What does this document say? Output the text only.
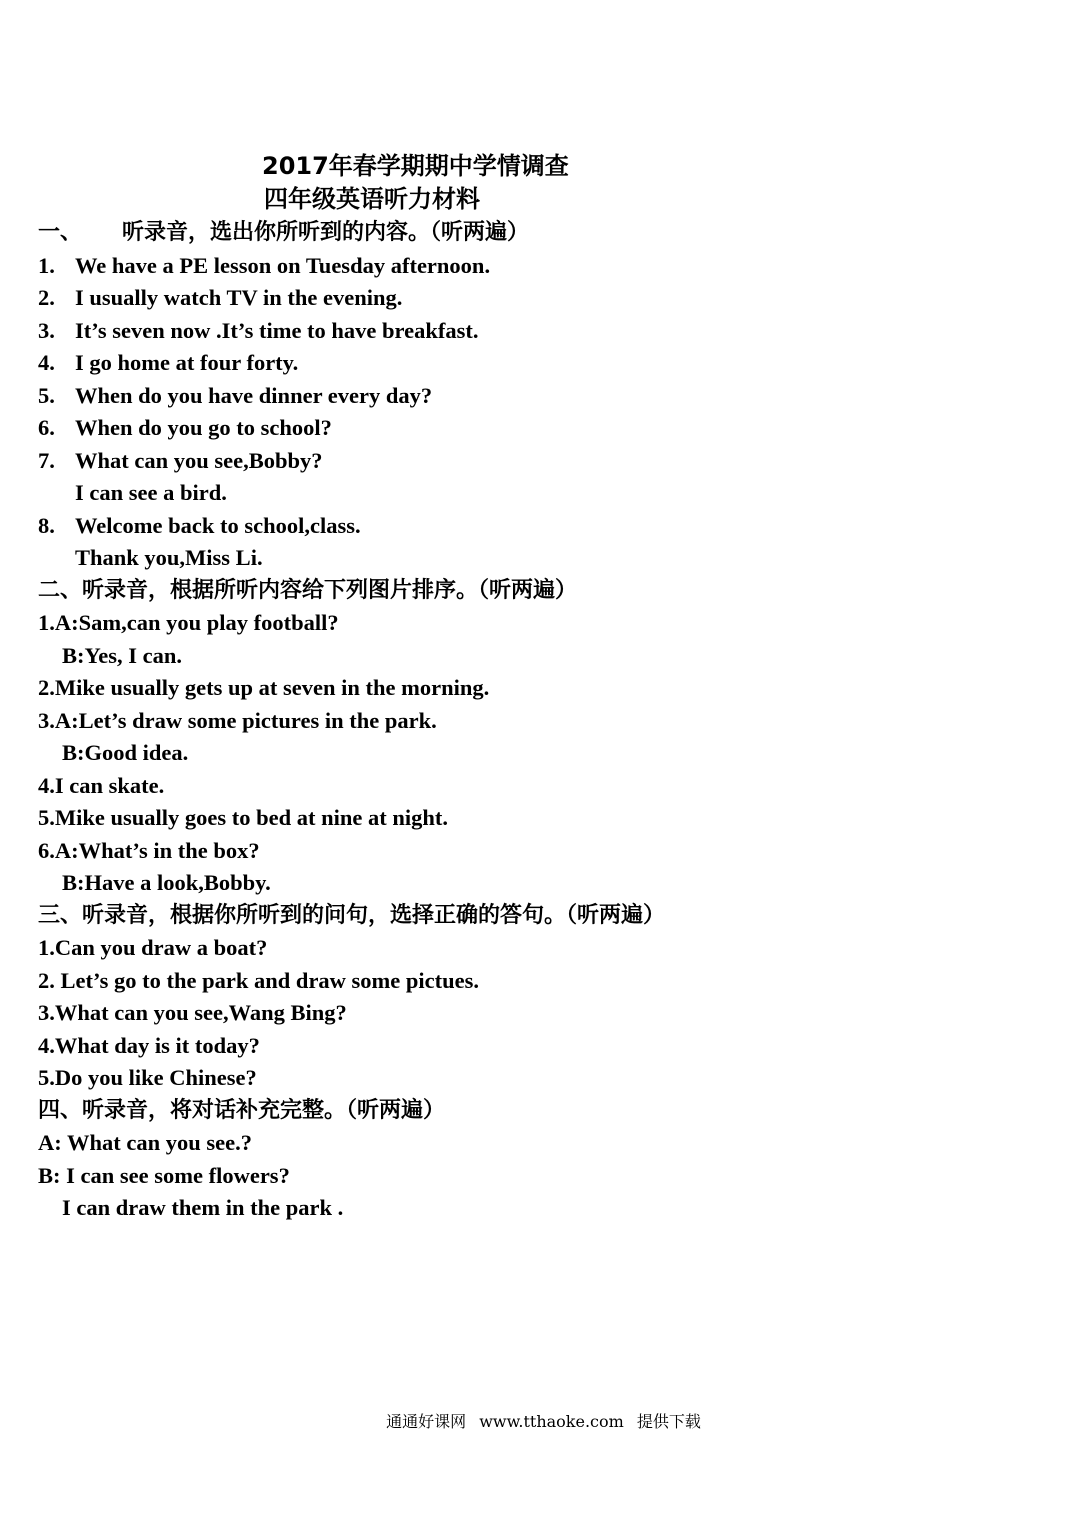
2017年春学期期中学情调查
四年级英语听力材料
一、 听录音，选出你所听到的内容。（听两遍）
1. We have a PE lesson on Tuesday afternoon.
2. I usually watch TV in the evening.
3. It’s seven now .It’s time to have breakfast.
4. I go home at four forty.
5. When do you have dinner every day?
6. When do you go to school?
7. What can you see,Bobby?
I can see a bird.
8. Welcome back to school,class.
Thank you,Miss Li.
二、听录音，根据所听内容给下列图片排序。（听两遍）
1.A:Sam,can you play football?
B:Yes, I can.
2.Mike usually gets up at seven in the morning.
3.A:Let’s draw some pictures in the park.
B:Good idea.
4.I can skate.
5.Mike usually goes to bed at nine at night.
6.A:What’s in the box?
B:Have a look,Bobby.
三、听录音，根据你所听到的问句，选择正确的答句。（听两遍）
1.Can you draw a boat?
2. Let’s go to the park and draw some pictues.
3.What can you see,Wang Bing?
4.What day is it today?
5.Do you like Chinese?
四、听录音，将对话补充完整。（听两遍）
A: What can you see.?
B: I can see some flowers?
I can draw them in the park .
通通好课网 www.tthaoke.com 提供下载
